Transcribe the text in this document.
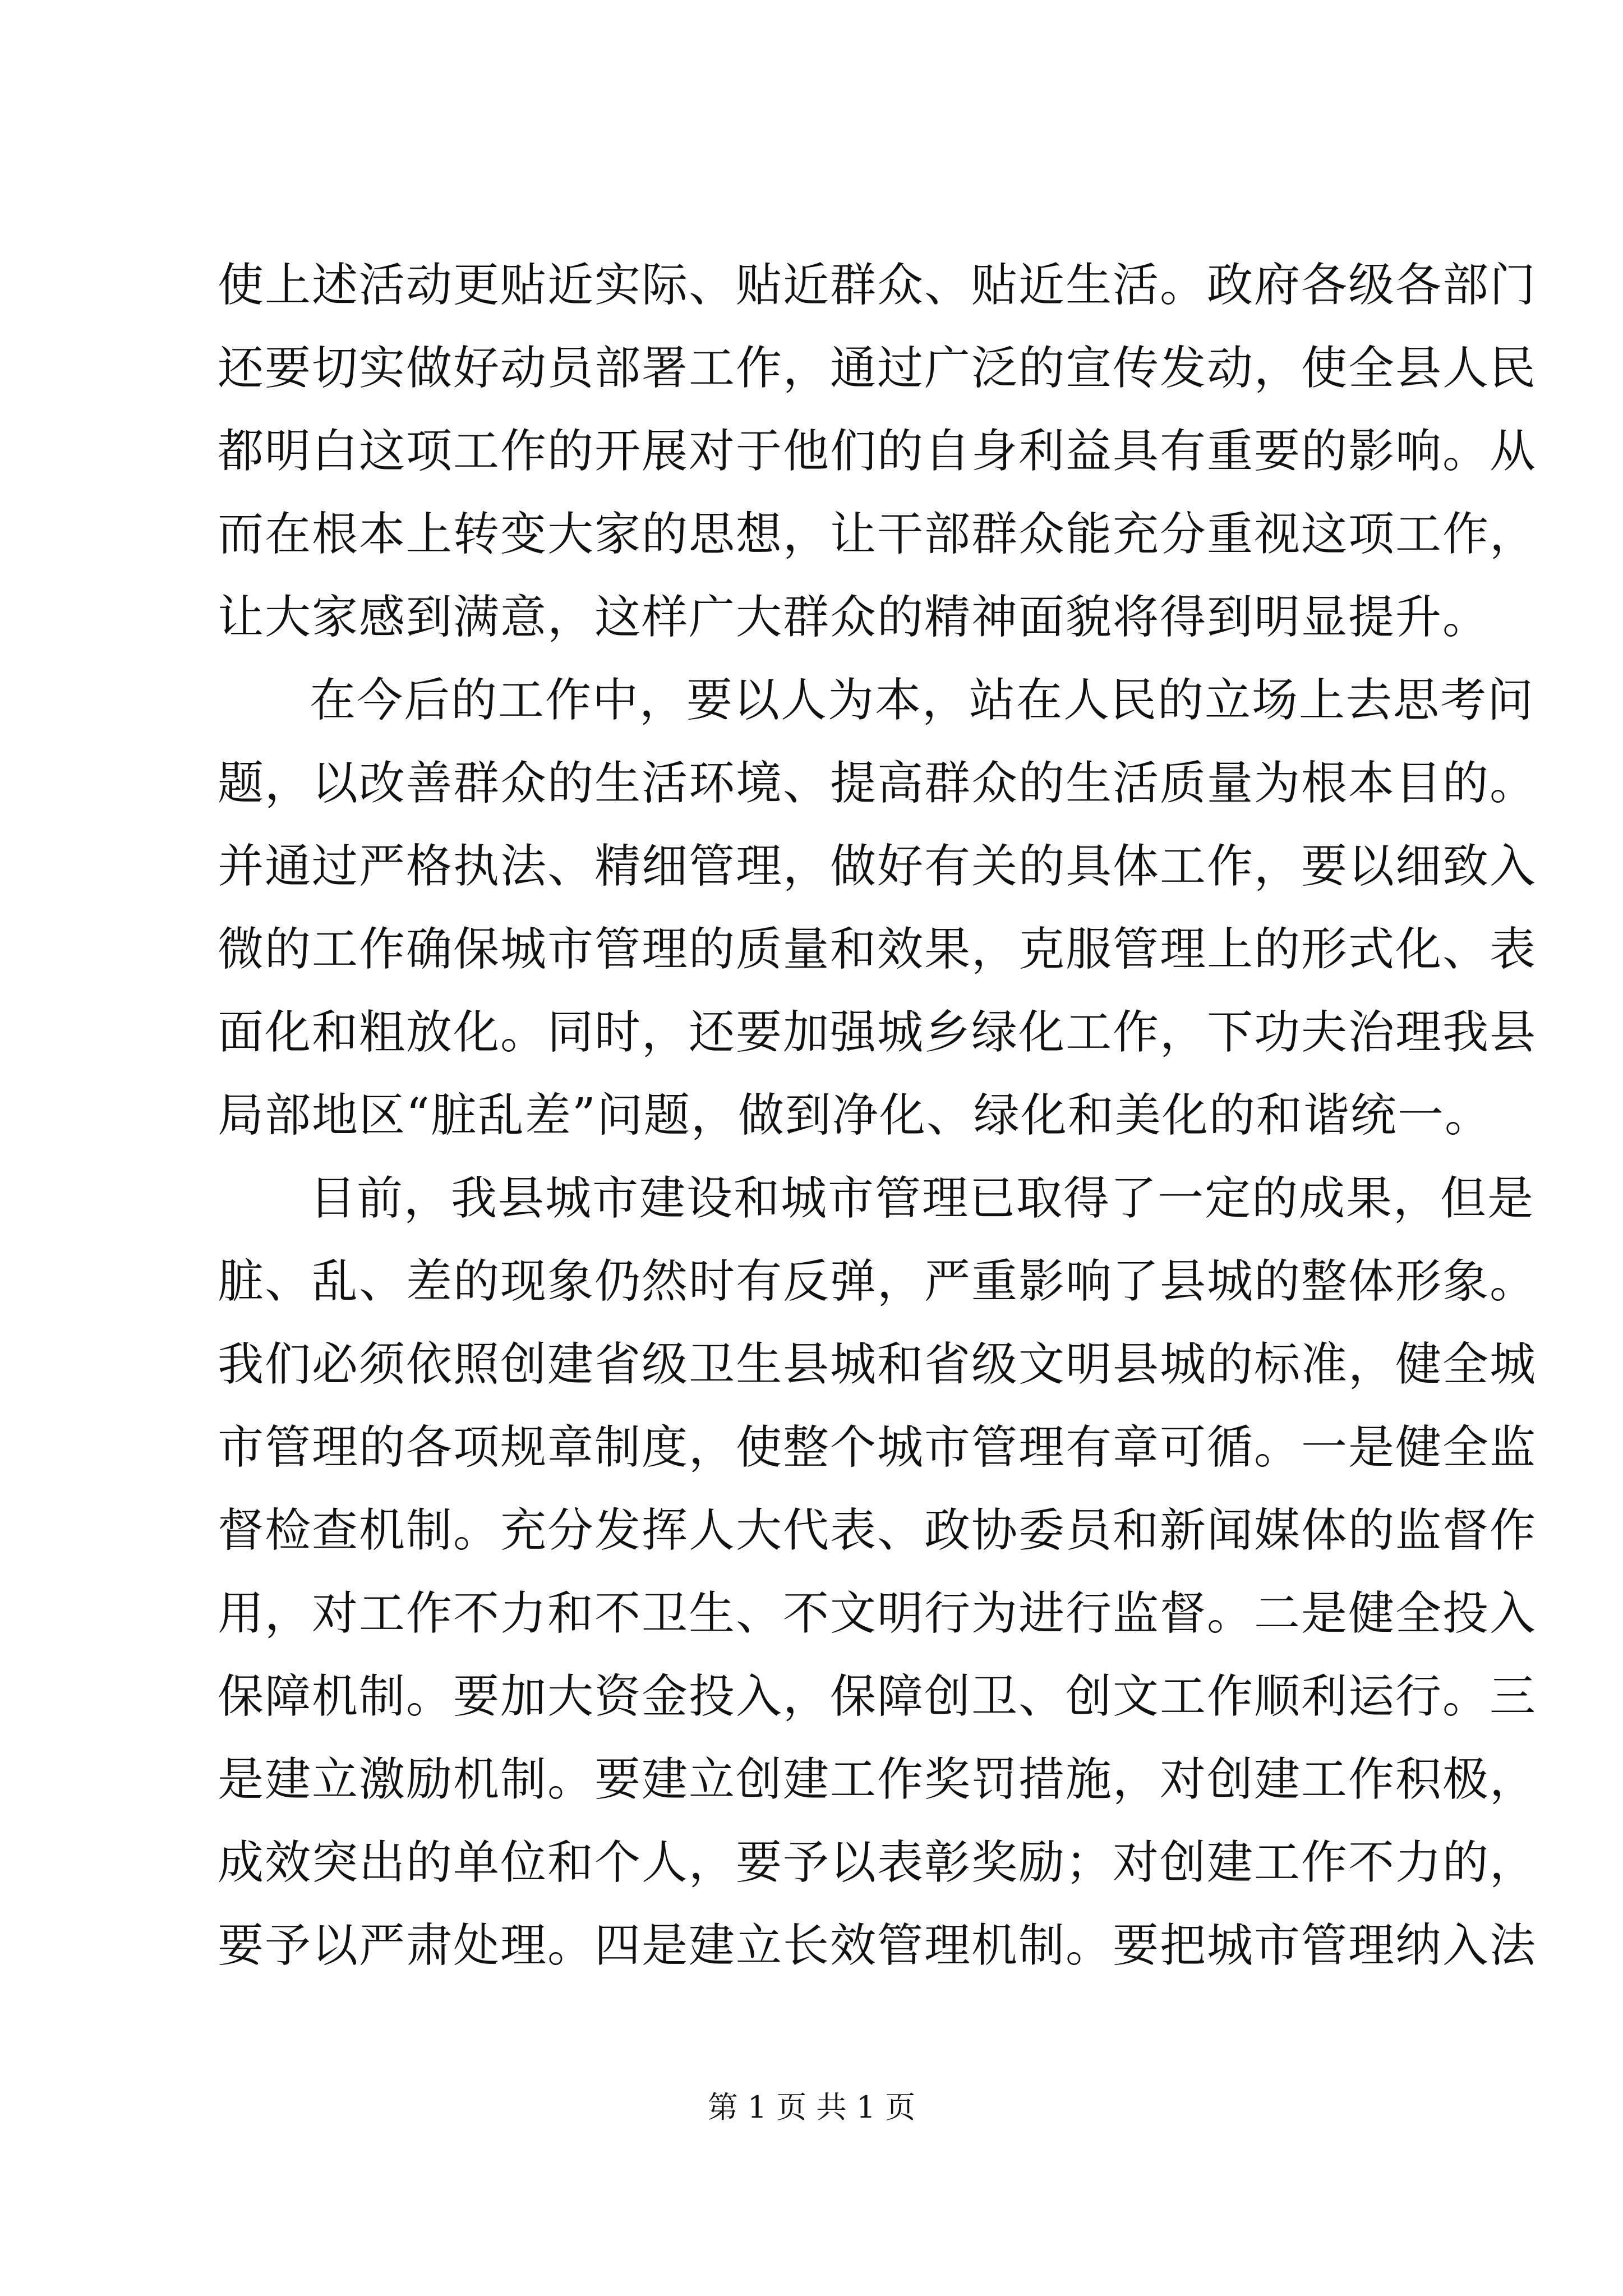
使上述活动更贴近实际、贴近群众、贴近生活。政府各级各部门
还要切实做好动员部署工作，通过广泛的宣传发动，使全县人民
都明白这项工作的开展对于他们的自身利益具有重要的影响。从
而在根本上转变大家的思想，让干部群众能充分重视这项工作，
让大家感到满意，这样广大群众的精神面貌将得到明显提升。
在今后的工作中，要以人为本，站在人民的立场上去思考问
题，以改善群众的生活环境、提高群众的生活质量为根本目的。
并通过严格执法、精细管理，做好有关的具体工作，要以细致入
微的工作确保城市管理的质量和效果，克服管理上的形式化、表
面化和粗放化。同时，还要加强城乡绿化工作，下功夫治理我县
局部地区“脏乱差”问题，做到净化、绿化和美化的和谐统一。
目前，我县城市建设和城市管理已取得了一定的成果，但是
脏、乱、差的现象仍然时有反弹，严重影响了县城的整体形象。
我们必须依照创建省级卫生县城和省级文明县城的标准，健全城
市管理的各项规章制度，使整个城市管理有章可循。一是健全监
督检查机制。充分发挥人大代表、政协委员和新闻媒体的监督作
用，对工作不力和不卫生、不文明行为进行监督。二是健全投入
保障机制。要加大资金投入，保障创卫、创文工作顺利运行。三
是建立激励机制。要建立创建工作奖罚措施，对创建工作积极，
成效突出的单位和个人，要予以表彰奖励；对创建工作不力的，
要予以严肃处理。四是建立长效管理机制。要把城市管理纳入法
第 1 页 共 1 页
